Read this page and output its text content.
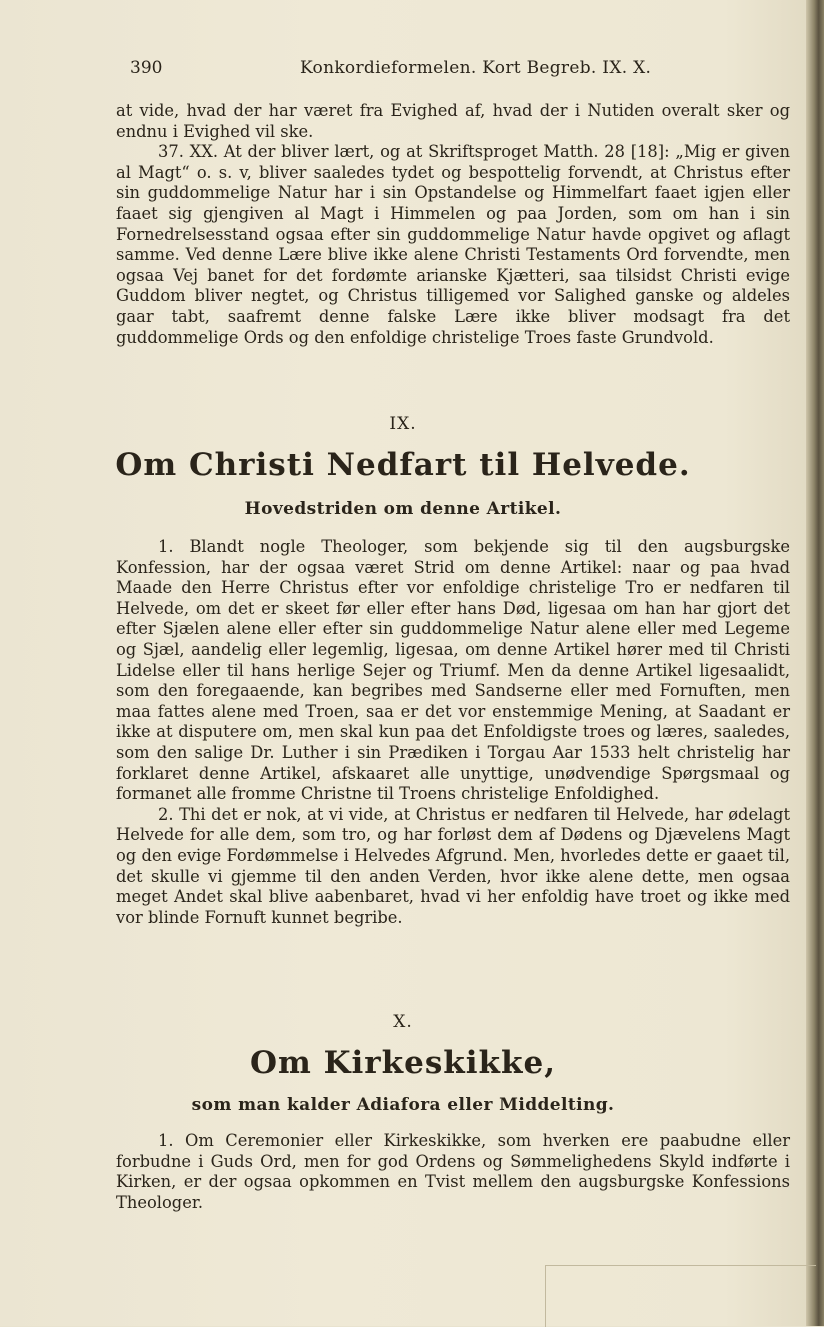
390	Konkordieformelen. Kort Begreb. IX. X.

at vide, hvad der har været fra Evighed af, hvad der i Nutiden overalt sker og endnu i Evighed vil ske.

37. XX. At der bliver lært, og at Skriftsproget Matth. 28 [18]: „Mig er given al Magt“ o. s. v, bliver saaledes tydet og bespottelig forvendt, at Christus efter sin guddommelige Natur har i sin Opstandelse og Himmelfart faaet igjen eller faaet sig gjengiven al Magt i Himmelen og paa Jorden, som om han i sin Fornedrelsesstand ogsaa efter sin guddommelige Natur havde opgivet og aflagt samme. Ved denne Lære blive ikke alene Christi Testaments Ord forvendte, men ogsaa Vej banet for det fordømte arianske Kjætteri, saa tilsidst Christi evige Guddom bliver negtet, og Christus tilligemed vor Salighed ganske og aldeles gaar tabt, saafremt denne falske Lære ikke bliver modsagt fra det guddommelige Ords og den enfoldige christelige Troes faste Grundvold.

IX.
Om Christi Nedfart til Helvede.
Hovedstriden om denne Artikel.

1. Blandt nogle Theologer, som bekjende sig til den augsburgske Konfession, har der ogsaa været Strid om denne Artikel: naar og paa hvad Maade den Herre Christus efter vor enfoldige christelige Tro er nedfaren til Helvede, om det er skeet før eller efter hans Død, ligesaa om han har gjort det efter Sjælen alene eller efter sin guddommelige Natur alene eller med Legeme og Sjæl, aandelig eller legemlig, ligesaa, om denne Artikel hører med til Christi Lidelse eller til hans herlige Sejer og Triumf. Men da denne Artikel ligesaalidt, som den foregaaende, kan begribes med Sandserne eller med Fornuften, men maa fattes alene med Troen, saa er det vor enstemmige Mening, at Saadant er ikke at disputere om, men skal kun paa det Enfoldigste troes og læres, saaledes, som den salige Dr. Luther i sin Prædiken i Torgau Aar 1533 helt christelig har forklaret denne Artikel, afskaaret alle unyttige, unødvendige Spørgsmaal og formanet alle fromme Christne til Troens christelige Enfoldighed.

2. Thi det er nok, at vi vide, at Christus er nedfaren til Helvede, har ødelagt Helvede for alle dem, som tro, og har forløst dem af Dødens og Djævelens Magt og den evige Fordømmelse i Helvedes Afgrund. Men, hvorledes dette er gaaet til, det skulle vi gjemme til den anden Verden, hvor ikke alene dette, men ogsaa meget Andet skal blive aabenbaret, hvad vi her enfoldig have troet og ikke med vor blinde Fornuft kunnet begribe.

X.
Om Kirkeskikke,
som man kalder Adiafora eller Middelting.

1. Om Ceremonier eller Kirkeskikke, som hverken ere paabudne eller forbudne i Guds Ord, men for god Ordens og Sømmelighedens Skyld indførte i Kirken, er der ogsaa opkommen en Tvist mellem den augsburgske Konfessions Theologer.
